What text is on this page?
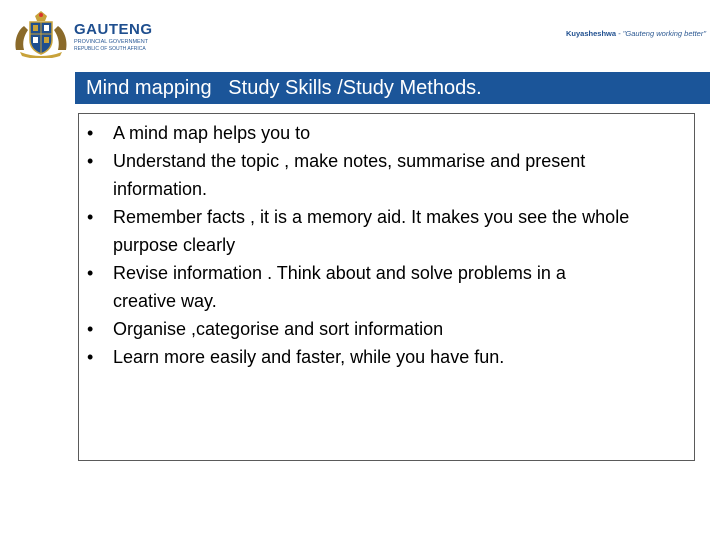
GAUTENG
PROVINCIAL GOVERNMENT
REPUBLIC OF SOUTH AFRICA
Kuyasheshwa - "Gauteng working better"
Mind mapping   Study Skills /Study Methods.
•	A mind map helps you to
•	Understand the topic , make notes, summarise and present
information.
•	Remember facts , it is a memory aid. It makes you see the whole
purpose clearly
•	Revise information . Think about and solve problems in a
creative way.
•	Organise ,categorise and sort information
•	Learn more easily and faster, while you have fun.
